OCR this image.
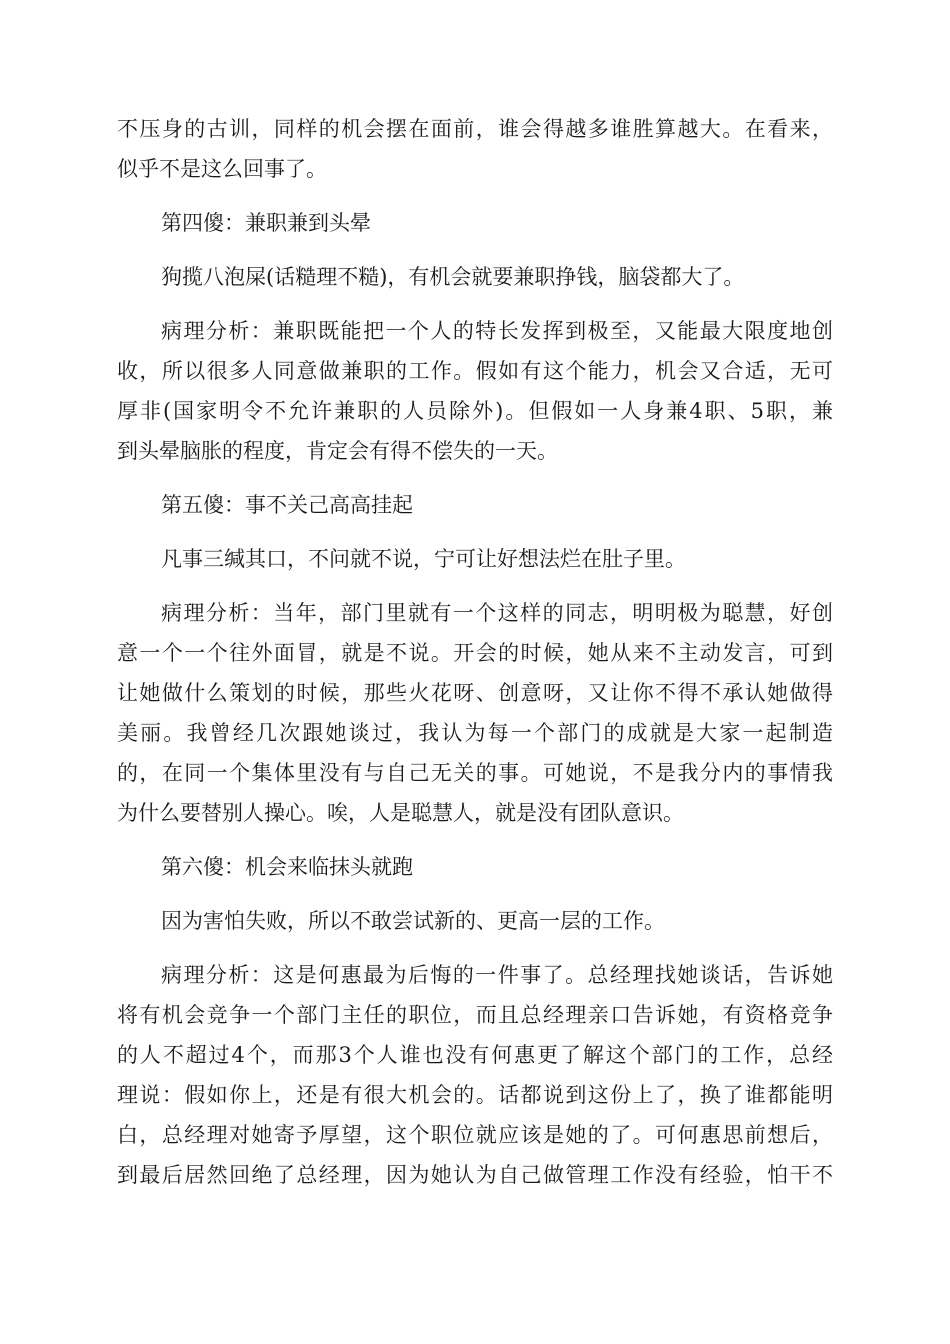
不压身的古训，同样的机会摆在面前，谁会得越多谁胜算越大。在看来，
似乎不是这么回事了。
第四傻：兼职兼到头晕
狗揽八泡屎(话糙理不糙)，有机会就要兼职挣钱，脑袋都大了。
病理分析：兼职既能把一个人的特长发挥到极至，又能最大限度地创
收，所以很多人同意做兼职的工作。假如有这个能力，机会又合适，无可
厚非(国家明令不允许兼职的人员除外)。但假如一人身兼4职、5职，兼
到头晕脑胀的程度，肯定会有得不偿失的一天。
第五傻：事不关己高高挂起
凡事三缄其口，不问就不说，宁可让好想法烂在肚子里。
病理分析：当年，部门里就有一个这样的同志，明明极为聪慧，好创
意一个一个往外面冒，就是不说。开会的时候，她从来不主动发言，可到
让她做什么策划的时候，那些火花呀、创意呀，又让你不得不承认她做得
美丽。我曾经几次跟她谈过，我认为每一个部门的成就是大家一起制造
的，在同一个集体里没有与自己无关的事。可她说，不是我分内的事情我
为什么要替别人操心。唉，人是聪慧人，就是没有团队意识。
第六傻：机会来临抹头就跑
因为害怕失败，所以不敢尝试新的、更高一层的工作。
病理分析：这是何惠最为后悔的一件事了。总经理找她谈话，告诉她
将有机会竞争一个部门主任的职位，而且总经理亲口告诉她，有资格竞争
的人不超过4个，而那3个人谁也没有何惠更了解这个部门的工作，总经
理说：假如你上，还是有很大机会的。话都说到这份上了，换了谁都能明
白，总经理对她寄予厚望，这个职位就应该是她的了。可何惠思前想后，
到最后居然回绝了总经理，因为她认为自己做管理工作没有经验，怕干不
